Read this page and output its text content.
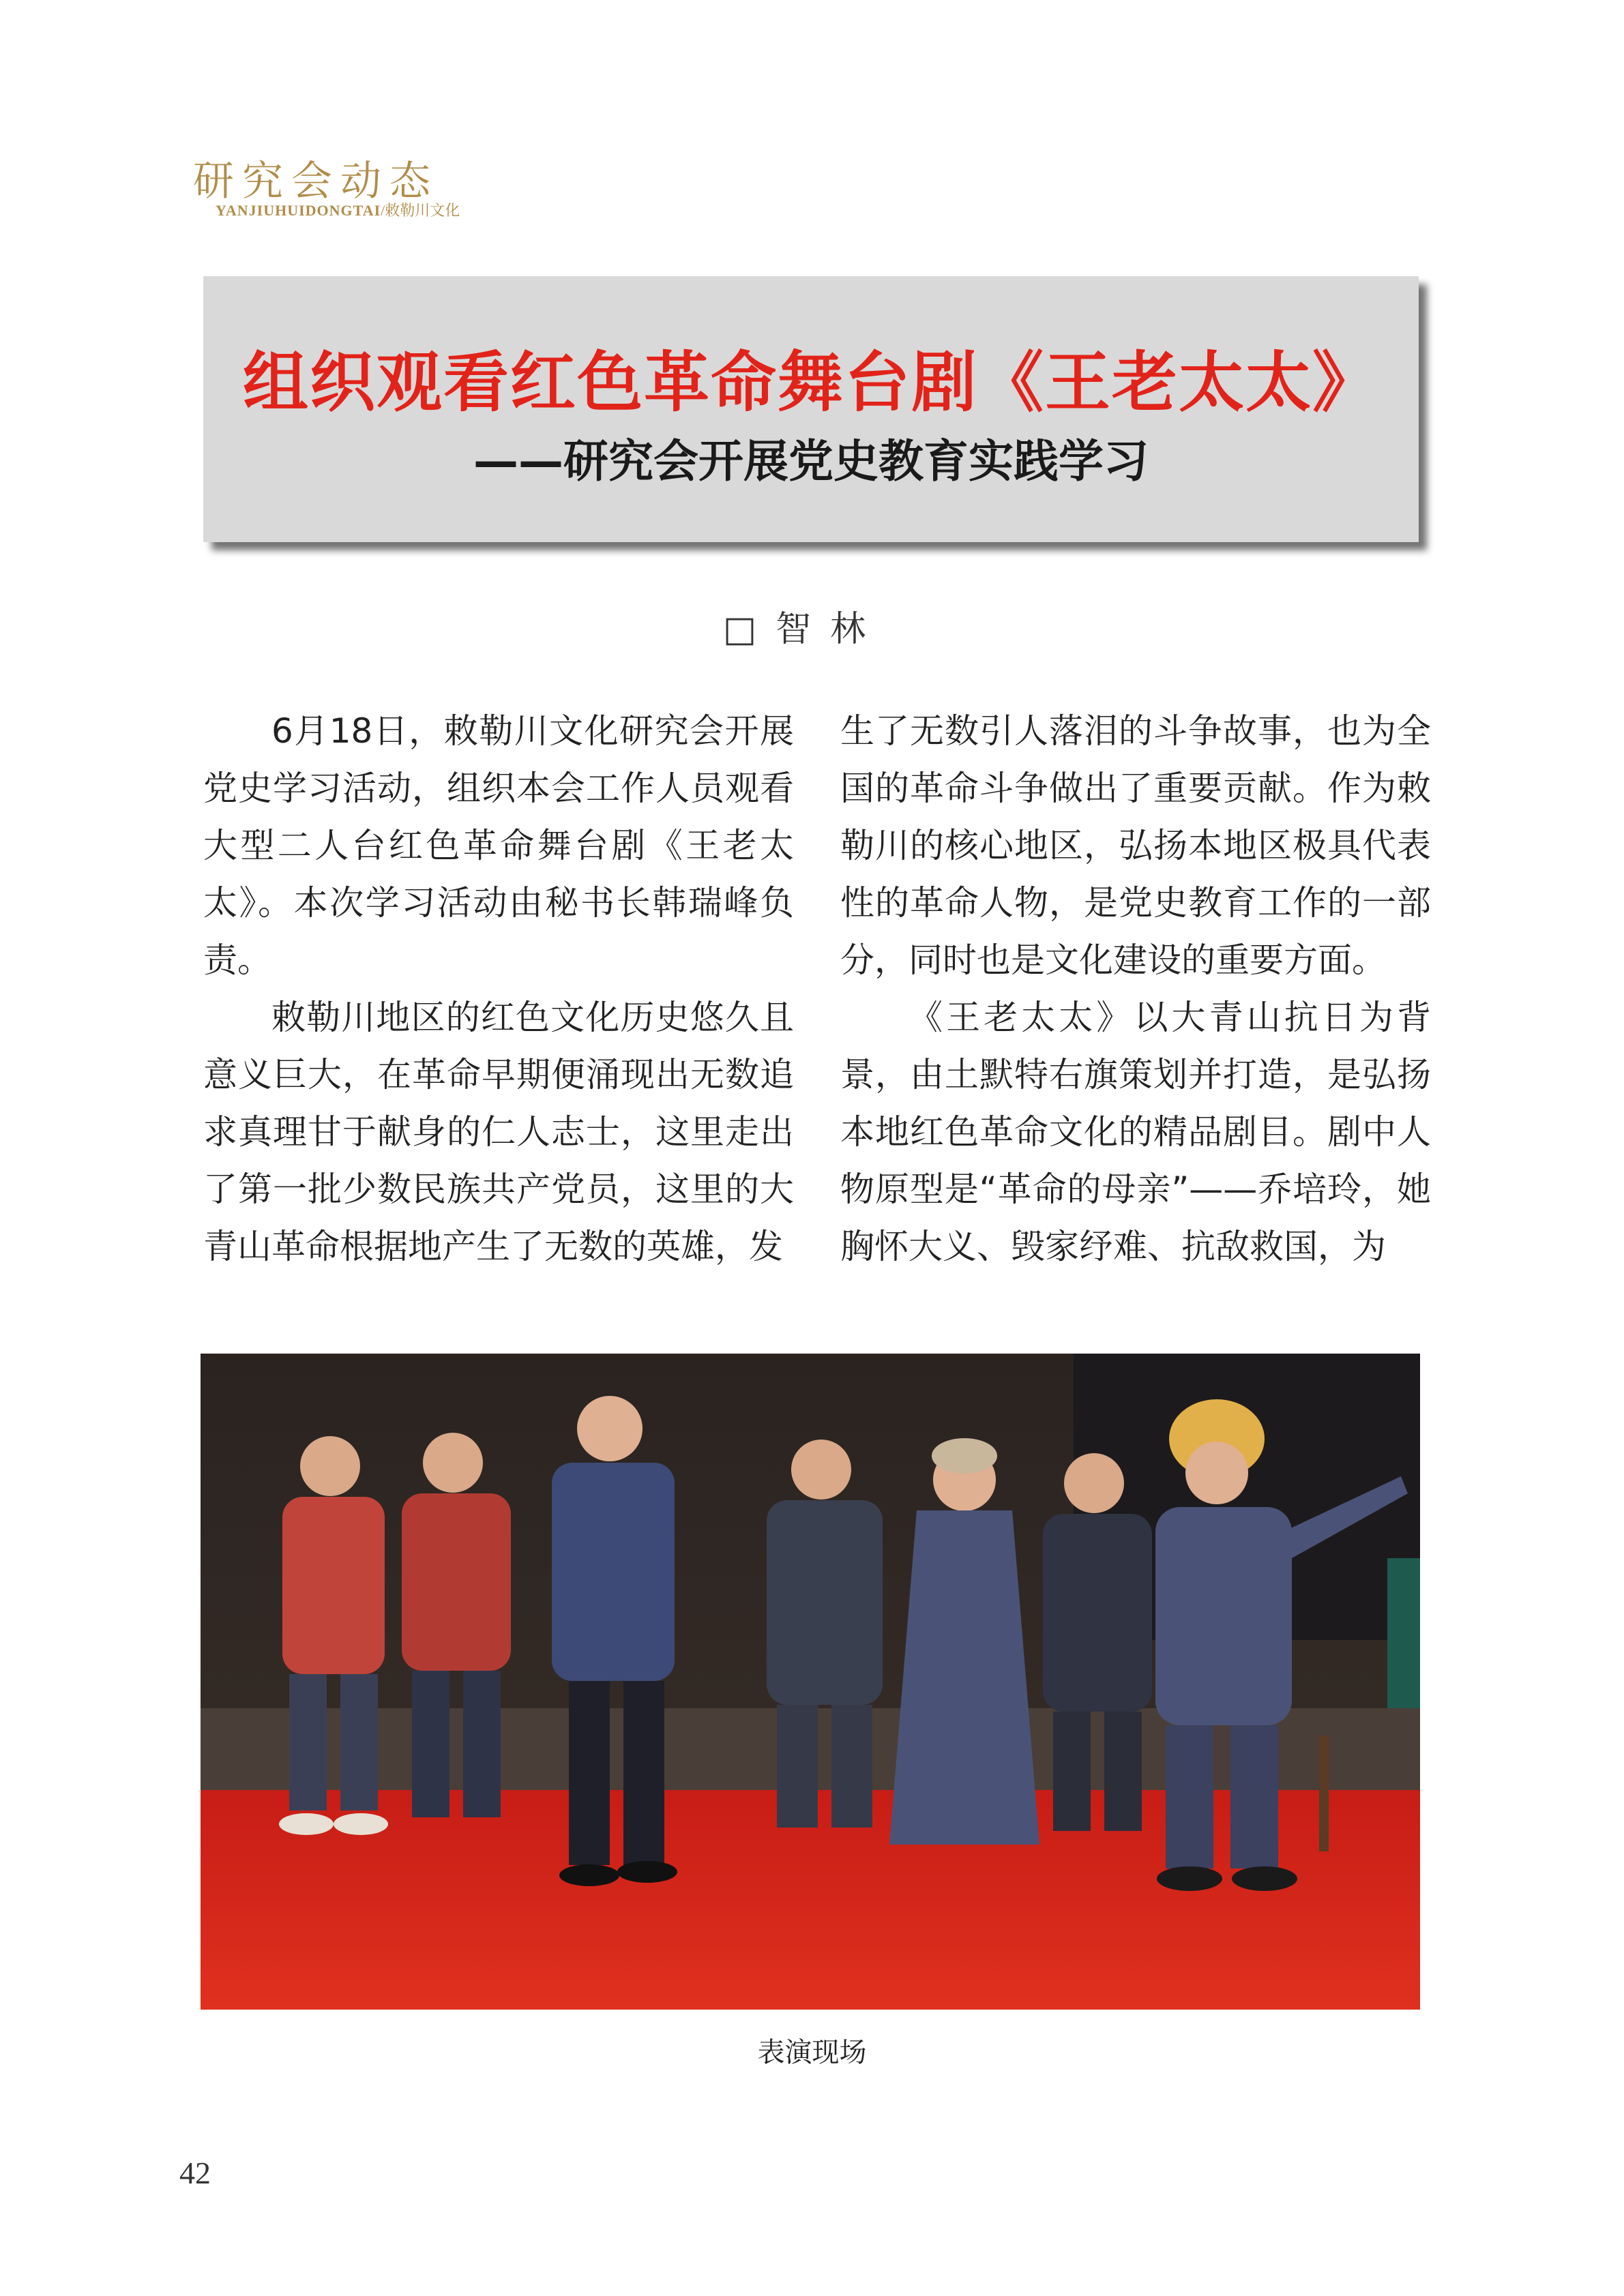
研究会动态
YANJIUHUIDONGTAI/敕勒川文化
组织观看红色革命舞台剧《王老太太》
——研究会开展党史教育实践学习
□智林

6月18日，敕勒川文化研究会开展党史学习活动，组织本会工作人员观看大型二人台红色革命舞台剧《王老太太》。本次学习活动由秘书长韩瑞峰负责。

敕勒川地区的红色文化历史悠久且意义巨大，在革命早期便涌现出无数追求真理甘于献身的仁人志士，这里走出了第一批少数民族共产党员，这里的大青山革命根据地产生了无数的英雄，发

生了无数引人落泪的斗争故事，也为全国的革命斗争做出了重要贡献。作为敕勒川的核心地区，弘扬本地区极具代表性的革命人物，是党史教育工作的一部分，同时也是文化建设的重要方面。

《王老太太》以大青山抗日为背景，由土默特右旗策划并打造，是弘扬本地红色革命文化的精品剧目。剧中人物原型是“革命的母亲”——乔培玲，她胸怀大义、毁家纾难、抗敌救国，为

表演现场
42
